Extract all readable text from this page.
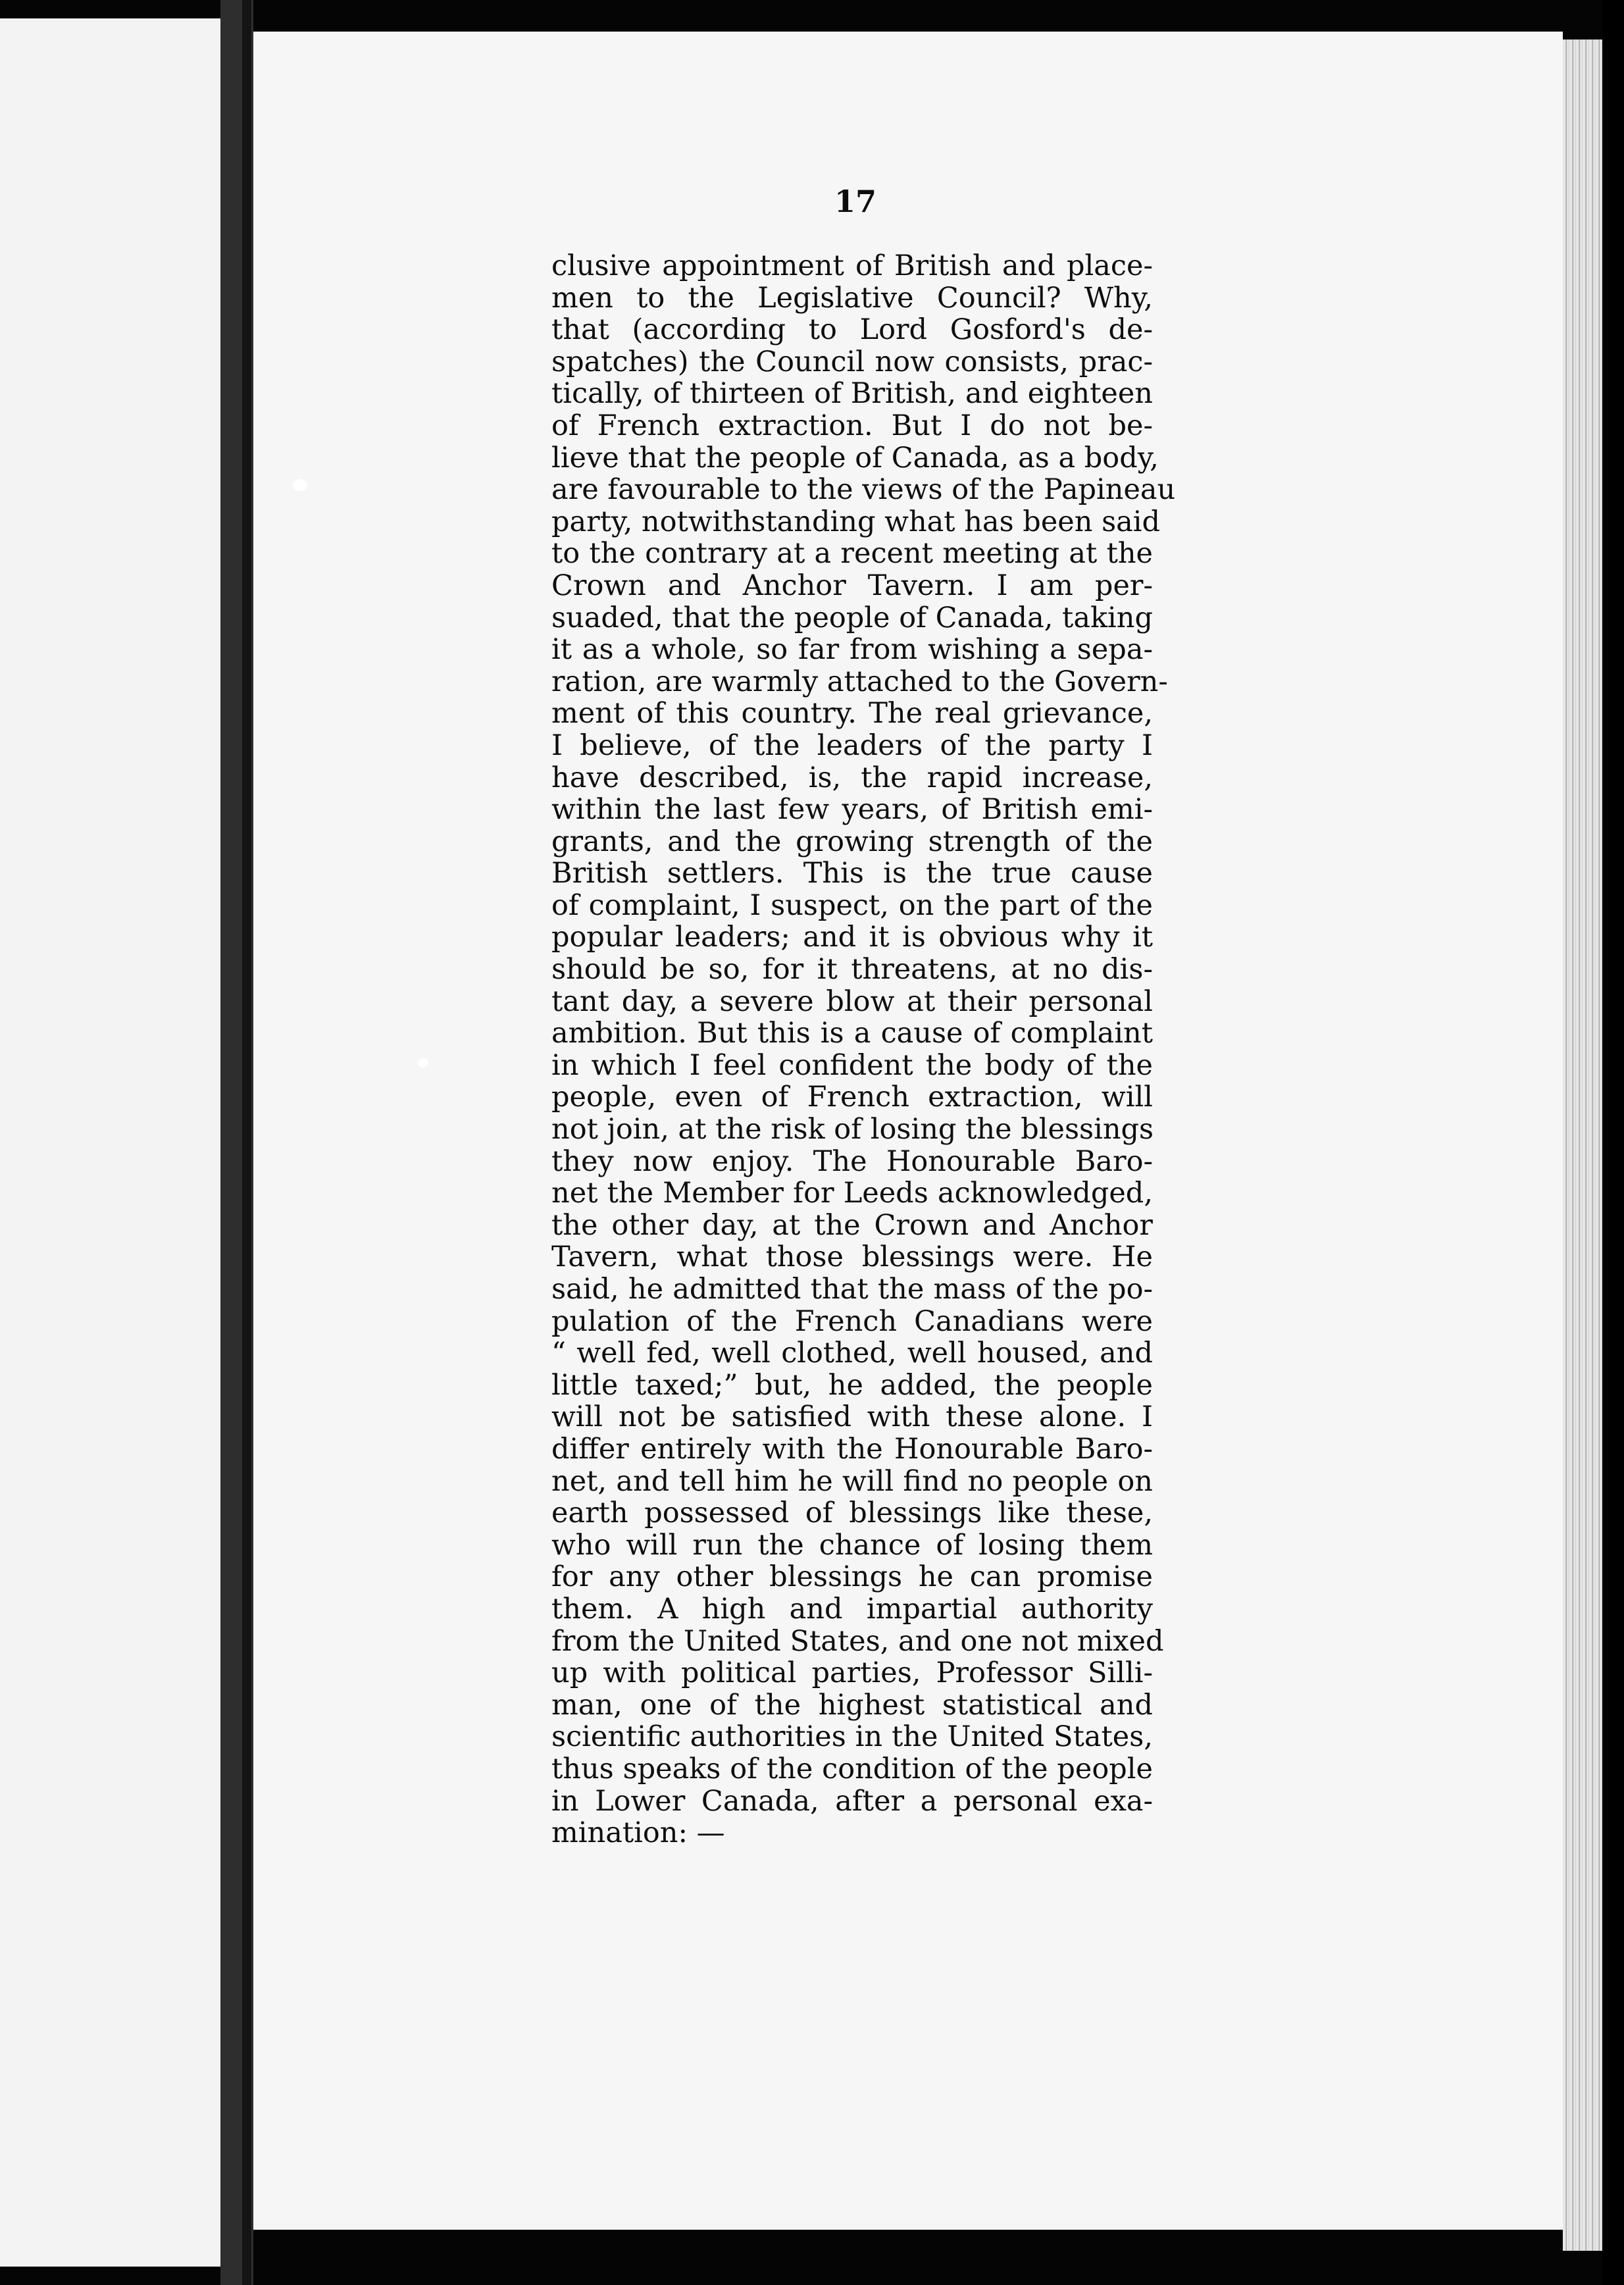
17
clusive appointment of British and place-
men to the Legislative Council? Why,
that (according to Lord Gosford's de-
spatches) the Council now consists, prac-
tically, of thirteen of British, and eighteen
of French extraction. But I do not be-
lieve that the people of Canada, as a body,
are favourable to the views of the Papineau
party, notwithstanding what has been said
to the contrary at a recent meeting at the
Crown and Anchor Tavern. I am per-
suaded, that the people of Canada, taking
it as a whole, so far from wishing a sepa-
ration, are warmly attached to the Govern-
ment of this country. The real grievance,
I believe, of the leaders of the party I
have described, is, the rapid increase,
within the last few years, of British emi-
grants, and the growing strength of the
British settlers. This is the true cause
of complaint, I suspect, on the part of the
popular leaders; and it is obvious why it
should be so, for it threatens, at no dis-
tant day, a severe blow at their personal
ambition. But this is a cause of complaint
in which I feel confident the body of the
people, even of French extraction, will
not join, at the risk of losing the blessings
they now enjoy. The Honourable Baro-
net the Member for Leeds acknowledged,
the other day, at the Crown and Anchor
Tavern, what those blessings were. He
said, he admitted that the mass of the po-
pulation of the French Canadians were
“ well fed, well clothed, well housed, and
little taxed;” but, he added, the people
will not be satisfied with these alone. I
differ entirely with the Honourable Baro-
net, and tell him he will find no people on
earth possessed of blessings like these,
who will run the chance of losing them
for any other blessings he can promise
them. A high and impartial authority
from the United States, and one not mixed
up with political parties, Professor Silli-
man, one of the highest statistical and
scientific authorities in the United States,
thus speaks of the condition of the people
in Lower Canada, after a personal exa-
mination: —
